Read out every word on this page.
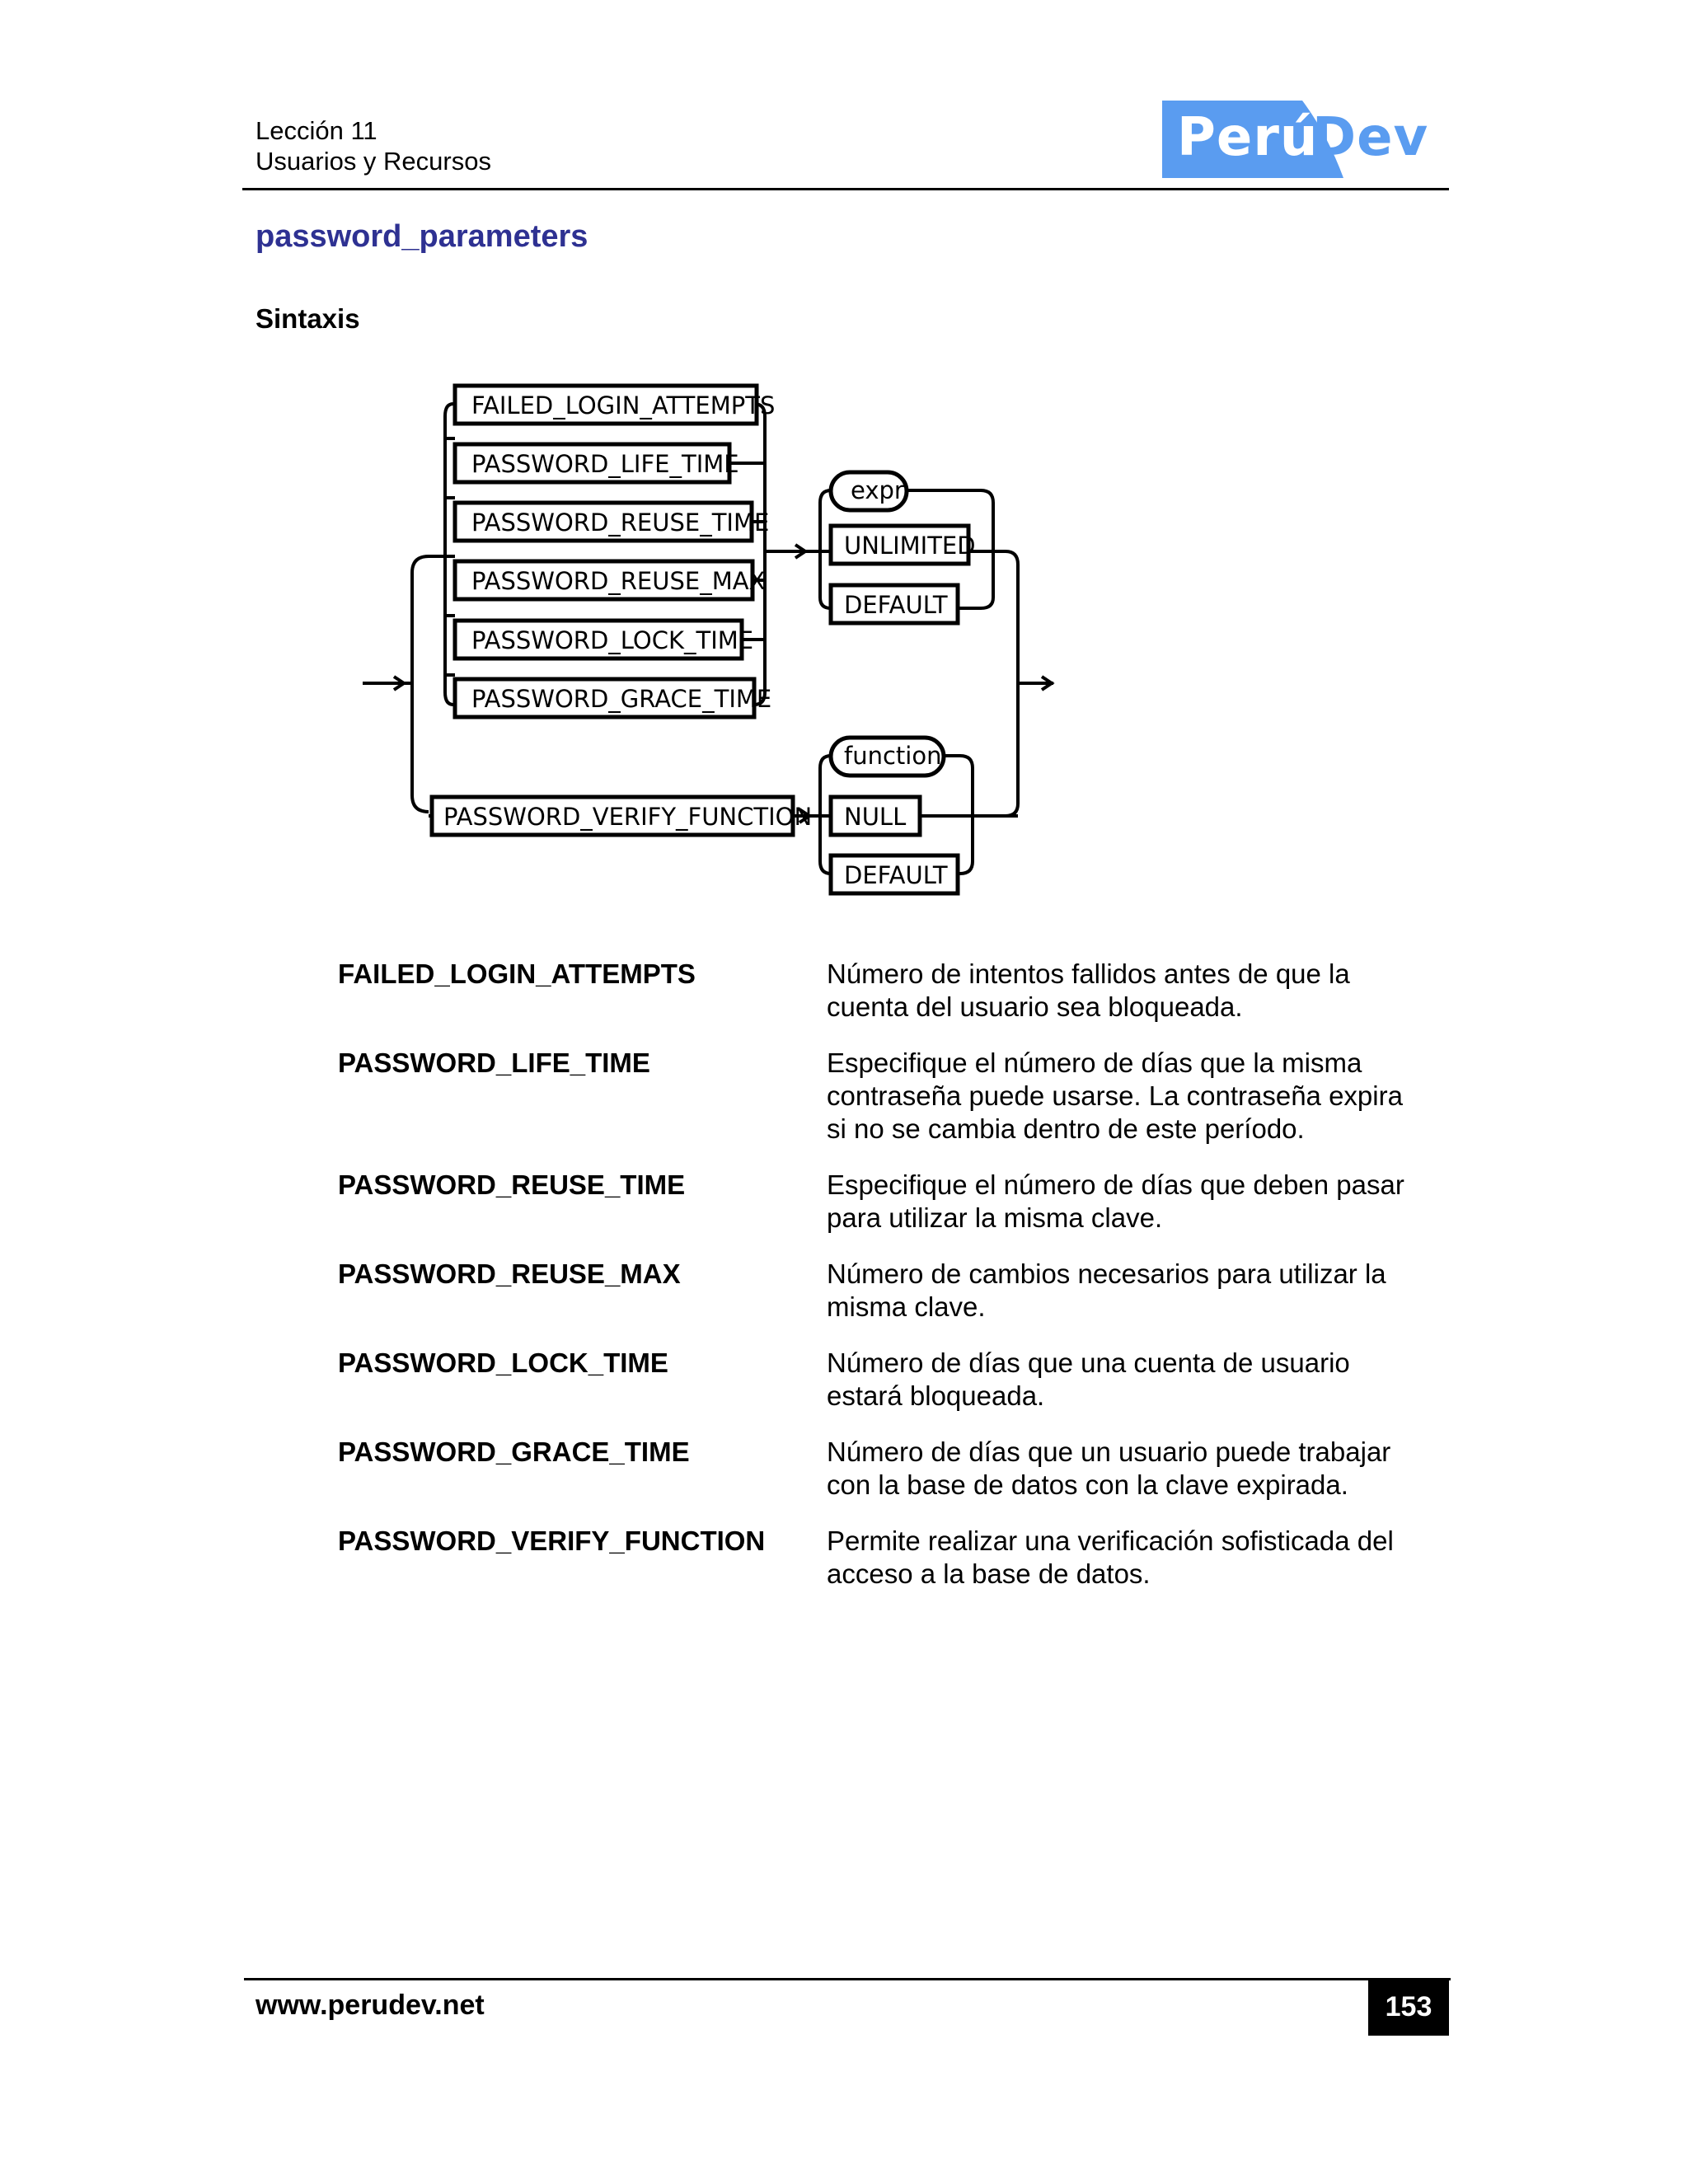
Lección 11
Usuarios y Recursos	Perú
Dev
password_parameters
Sintaxis
FAILED_LOGIN_ATTEMPTS
PASSWORD_LIFE_TIME
PASSWORD_REUSE_TIME
PASSWORD_REUSE_MAX
PASSWORD_LOCK_TIME
PASSWORD_GRACE_TIME
expr
UNLIMITED
DEFAULT
PASSWORD_VERIFY_FUNCTION
function
NULL
DEFAULT
FAILED_LOGIN_ATTEMPTS	Número de intentos fallidos antes de que la cuenta del usuario sea bloqueada.
PASSWORD_LIFE_TIME	Especifique el número de días que la misma contraseña puede usarse. La contraseña expira si no se cambia dentro de este período.
PASSWORD_REUSE_TIME	Especifique el número de días que deben pasar para utilizar la misma clave.
PASSWORD_REUSE_MAX	Número de cambios necesarios para utilizar la misma clave.
PASSWORD_LOCK_TIME	Número de días que una cuenta de usuario estará bloqueada.
PASSWORD_GRACE_TIME	Número de días que un usuario puede trabajar con la base de datos con la clave expirada.
PASSWORD_VERIFY_FUNCTION	Permite realizar una verificación sofisticada del acceso a la base de datos.
www.perudev.net	153
